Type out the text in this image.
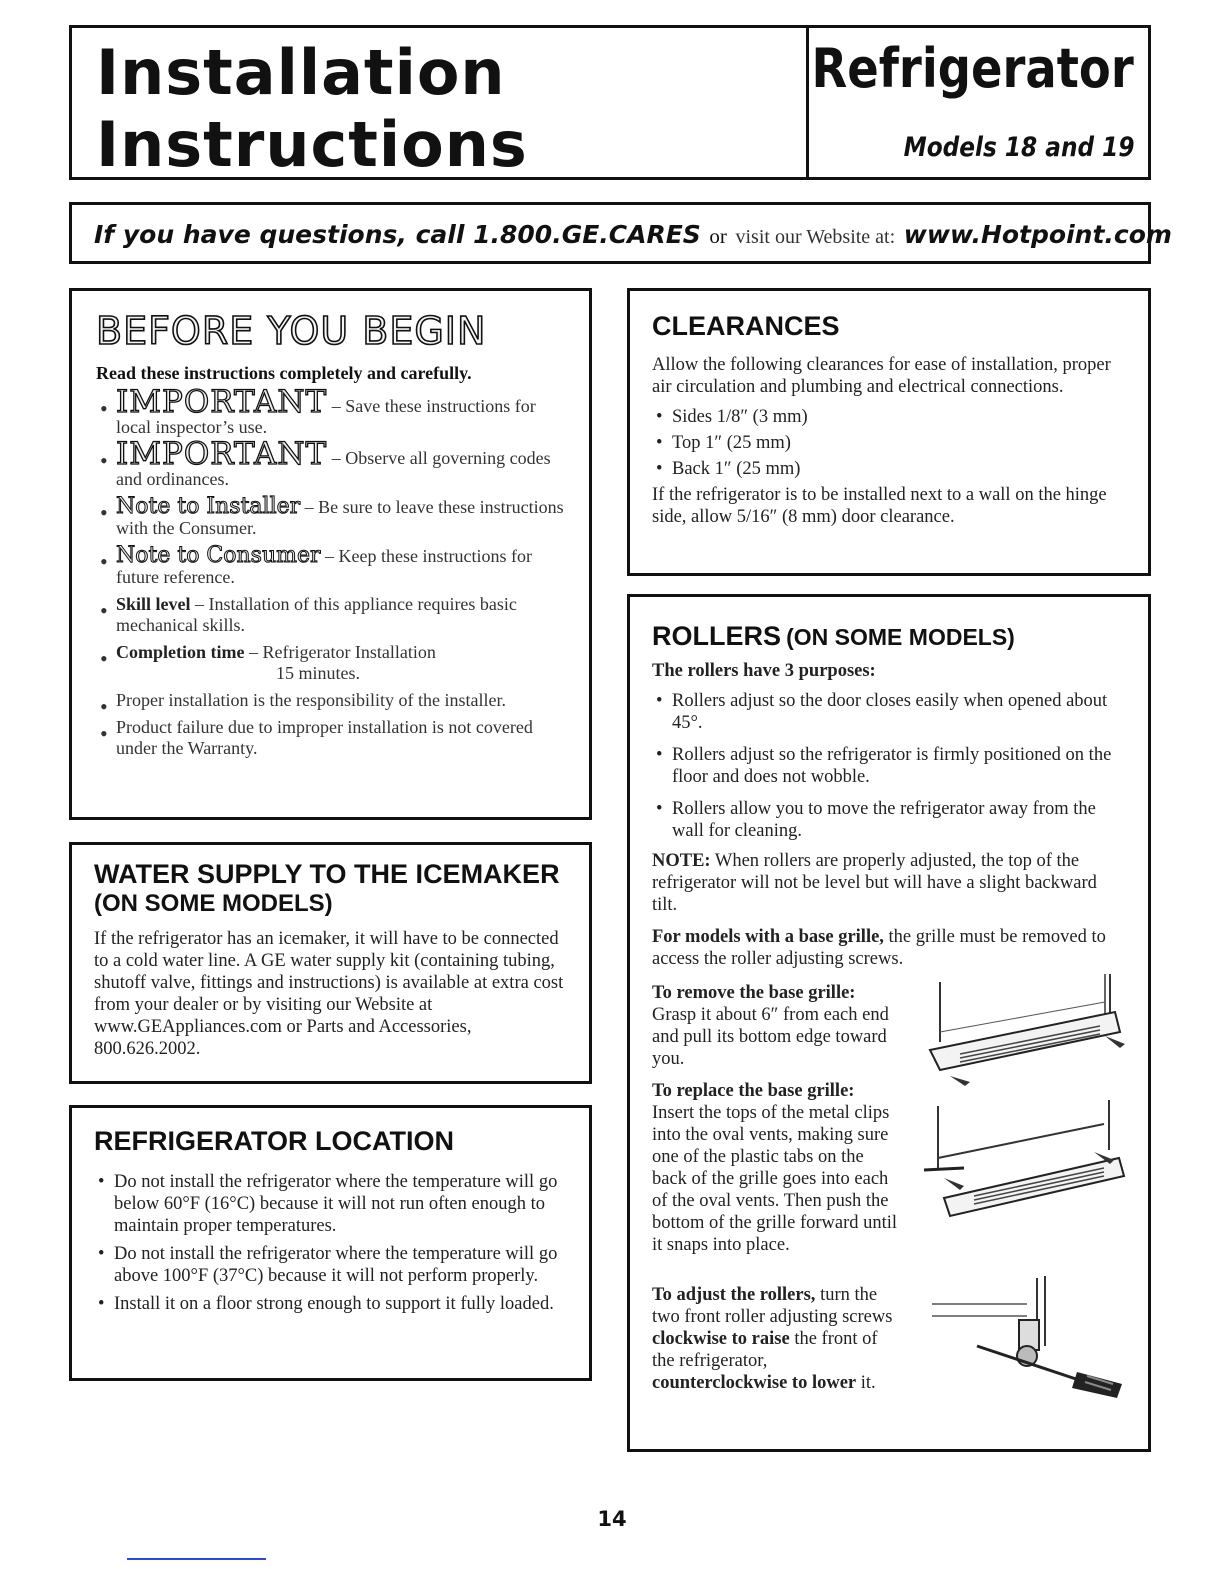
Installation
Instructions
Refrigerator
Models 18 and 19
If you have questions, call 1.800.GE.CARES or visit our Website at: www.Hotpoint.com
BEFORE YOU BEGIN
Read these instructions completely and carefully.
• IMPORTANT – Save these instructions for local inspector’s use.
• IMPORTANT – Observe all governing codes and ordinances.
• Note to Installer – Be sure to leave these instructions with the Consumer.
• Note to Consumer – Keep these instructions for future reference.
• Skill level – Installation of this appliance requires basic mechanical skills.
• Completion time – Refrigerator Installation
15 minutes.
• Proper installation is the responsibility of the installer.
• Product failure due to improper installation is not covered under the Warranty.
WATER SUPPLY TO THE ICEMAKER
(ON SOME MODELS)
If the refrigerator has an icemaker, it will have to be connected to a cold water line. A GE water supply kit (containing tubing, shutoff valve, fittings and instructions) is available at extra cost from your dealer or by visiting our Website at www.GEAppliances.com or Parts and Accessories, 800.626.2002.
REFRIGERATOR LOCATION
• Do not install the refrigerator where the temperature will go below 60°F (16°C) because it will not run often enough to maintain proper temperatures.
• Do not install the refrigerator where the temperature will go above 100°F (37°C) because it will not perform properly.
• Install it on a floor strong enough to support it fully loaded.
CLEARANCES
Allow the following clearances for ease of installation, proper air circulation and plumbing and electrical connections.
• Sides 1/8″ (3 mm)
• Top 1″ (25 mm)
• Back 1″ (25 mm)
If the refrigerator is to be installed next to a wall on the hinge side, allow 5/16″ (8 mm) door clearance.
ROLLERS (ON SOME MODELS)
The rollers have 3 purposes:
• Rollers adjust so the door closes easily when opened about 45°.
• Rollers adjust so the refrigerator is firmly positioned on the floor and does not wobble.
• Rollers allow you to move the refrigerator away from the wall for cleaning.
NOTE: When rollers are properly adjusted, the top of the refrigerator will not be level but will have a slight backward tilt.
For models with a base grille, the grille must be removed to access the roller adjusting screws.
To remove the base grille:
Grasp it about 6″ from each end and pull its bottom edge toward you.
To replace the base grille:
Insert the tops of the metal clips into the oval vents, making sure one of the plastic tabs on the back of the grille goes into each of the oval vents. Then push the bottom of the grille forward until it snaps into place.
To adjust the rollers, turn the two front roller adjusting screws clockwise to raise the front of the refrigerator, counterclockwise to lower it.
14
